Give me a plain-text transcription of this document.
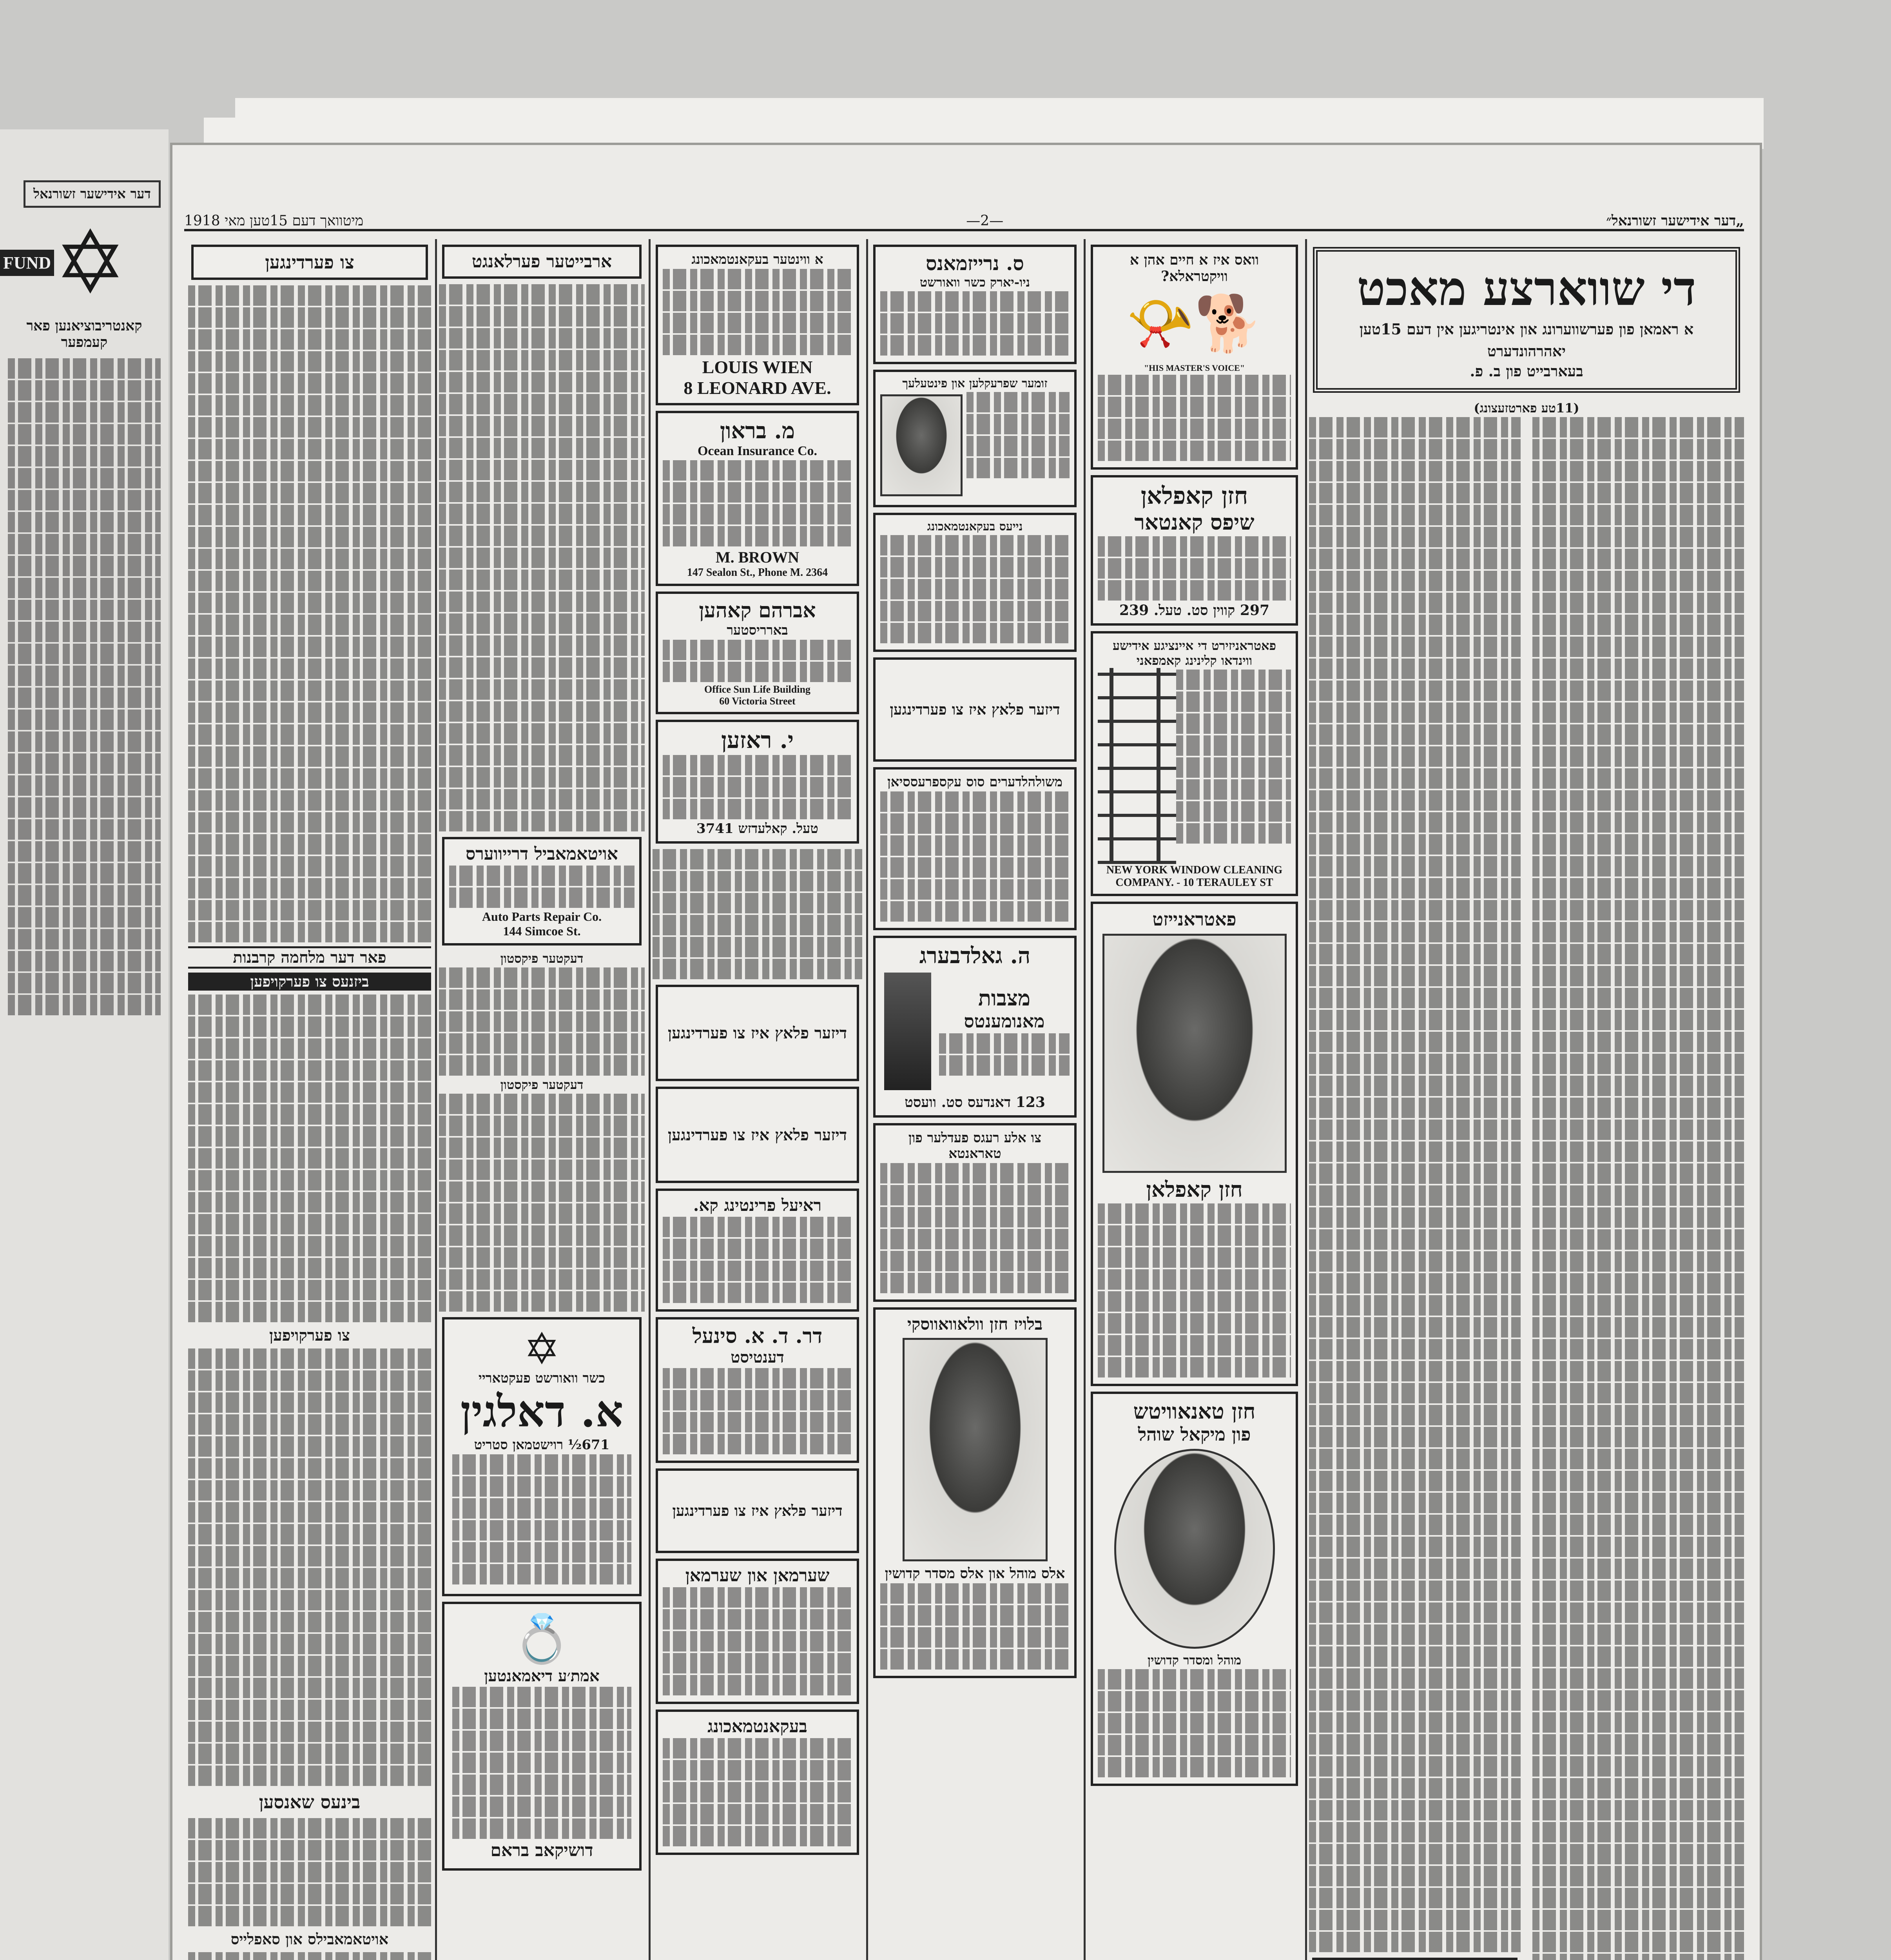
דער אידישער זשורנאל
FUND ✡
קאנטריבוציאנען פאר קעמפער
1918 מיטוואך דעם 15טען מאי	—2—	„דער אידישער זשורנאל״
צו פערדינגען
פאר דער מלחמה קרבנות
ביזנעס צו פערקויפען
צו פערקויפען
בינעס שאנסען
אויטאמאבילס און סאפלייס
ארבייטער פערלאנגט
אויטאמאביל דרייווערס
Auto Parts Repair Co.
144 Simcoe St.
דעקטער פיקסטון
דעקטער פיקסטון
✡
כשר וואורשט פעקטאריי
א. דאלגין
671½ רוישטמאן סטריט
💍
אמת׳ע דיאמאנטען
דושיקאב בראם
א ווינטער בעקאנטמאכונג
LOUIS WIEN
8 LEONARD AVE.
מ. בראון
Ocean Insurance Co.
M. BROWN
147 Sealon St., Phone M. 2364
אברהם קאהען
בארריסטער
Office Sun Life Building
60 Victoria Street
י. ראזען
טעל. קאלעדזש 3741
דיזער פלאץ איז צו פערדינגען
דיזער פלאץ איז צו פערדינגען
ראיעל פרינטינג קא.
דר. ד. א. סינעל
דענטיסט
דיזער פלאץ איז צו פערדינגען
שערמאן און שערמאן
בעקאנטמאכונג
ס. נרייזמאנס
ניו-יארק כשר וואורשט
זומער שפרעקלען און פינטעלעך
נייעס בעקאנטמאכונג
דיזער פלאץ איז צו פערדינגען
משולהלדערים סוס עקספרעססיאן
ה. גאלדבערג
מצבות
מאנומענטס
123 דאנדעס סט. וועסט
צו אלע רעגס פעדלער פון טאראנטא
בלויז חזן וולאוואווסקי
אלס מוהל און אלס מסדר קדושין
וואס איז א חיים אהן א וויקטראלא?
📯🐕
"HIS MASTER'S VOICE"
חזן קאפלאן
שיפס קאנטאר
297 קווין סט. טעל. 239
פאטראניזירט די איינציגע אידישע ווינדאו קלינינג קאמפאני
NEW YORK WINDOW CLEANING COMPANY. - 10 TERAULEY ST
פאטראנייזט
חזן קאפלאן
חזן טאנאוויטש
פון מיקאל שוהל
מוהל ומסדר קדושין
די שווארצע מאכט
א ראמאן פון פערשווערונג און אינטריגען אין דעם 15טען יאהרהונדערט
בעארבייט פון ב. פ.
(11טע פארטזעצונג)
